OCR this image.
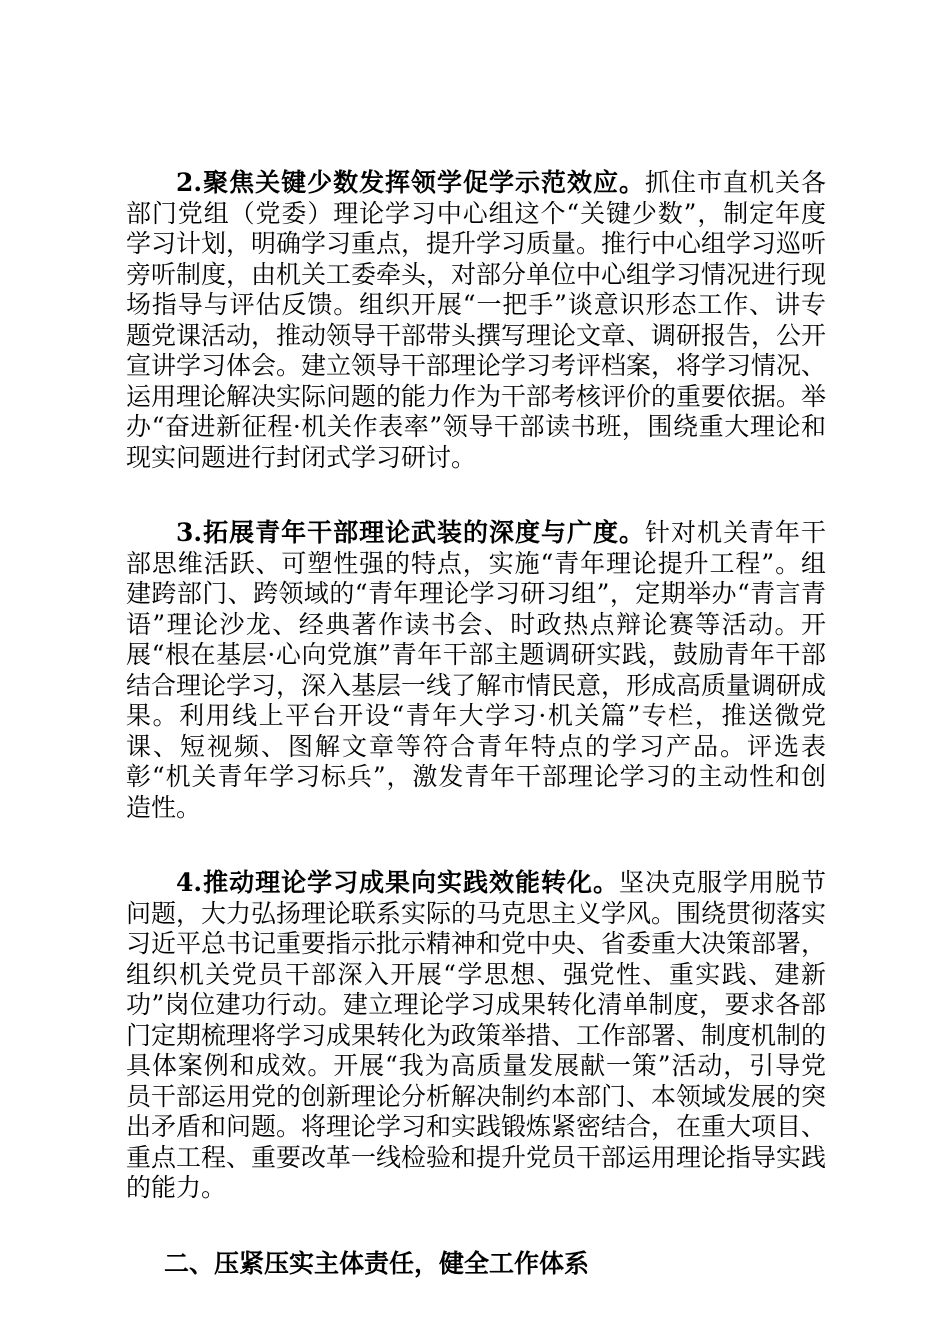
2.聚焦关键少数发挥领学促学示范效应。抓住市直机关各部门党组（党委）理论学习中心组这个“关键少数”，制定年度学习计划，明确学习重点，提升学习质量。推行中心组学习巡听旁听制度，由机关工委牵头，对部分单位中心组学习情况进行现场指导与评估反馈。组织开展“一把手”谈意识形态工作、讲专题党课活动，推动领导干部带头撰写理论文章、调研报告，公开宣讲学习体会。建立领导干部理论学习考评档案，将学习情况、运用理论解决实际问题的能力作为干部考核评价的重要依据。举办“奋进新征程·机关作表率”领导干部读书班，围绕重大理论和现实问题进行封闭式学习研讨。

3.拓展青年干部理论武装的深度与广度。针对机关青年干部思维活跃、可塑性强的特点，实施“青年理论提升工程”。组建跨部门、跨领域的“青年理论学习研习组”，定期举办“青言青语”理论沙龙、经典著作读书会、时政热点辩论赛等活动。开展“根在基层·心向党旗”青年干部主题调研实践，鼓励青年干部结合理论学习，深入基层一线了解市情民意，形成高质量调研成果。利用线上平台开设“青年大学习·机关篇”专栏，推送微党课、短视频、图解文章等符合青年特点的学习产品。评选表彰“机关青年学习标兵”，激发青年干部理论学习的主动性和创造性。

4.推动理论学习成果向实践效能转化。坚决克服学用脱节问题，大力弘扬理论联系实际的马克思主义学风。围绕贯彻落实习近平总书记重要指示批示精神和党中央、省委重大决策部署，组织机关党员干部深入开展“学思想、强党性、重实践、建新功”岗位建功行动。建立理论学习成果转化清单制度，要求各部门定期梳理将学习成果转化为政策举措、工作部署、制度机制的具体案例和成效。开展“我为高质量发展献一策”活动，引导党员干部运用党的创新理论分析解决制约本部门、本领域发展的突出矛盾和问题。将理论学习和实践锻炼紧密结合，在重大项目、重点工程、重要改革一线检验和提升党员干部运用理论指导实践的能力。

二、压紧压实主体责任，健全工作体系
